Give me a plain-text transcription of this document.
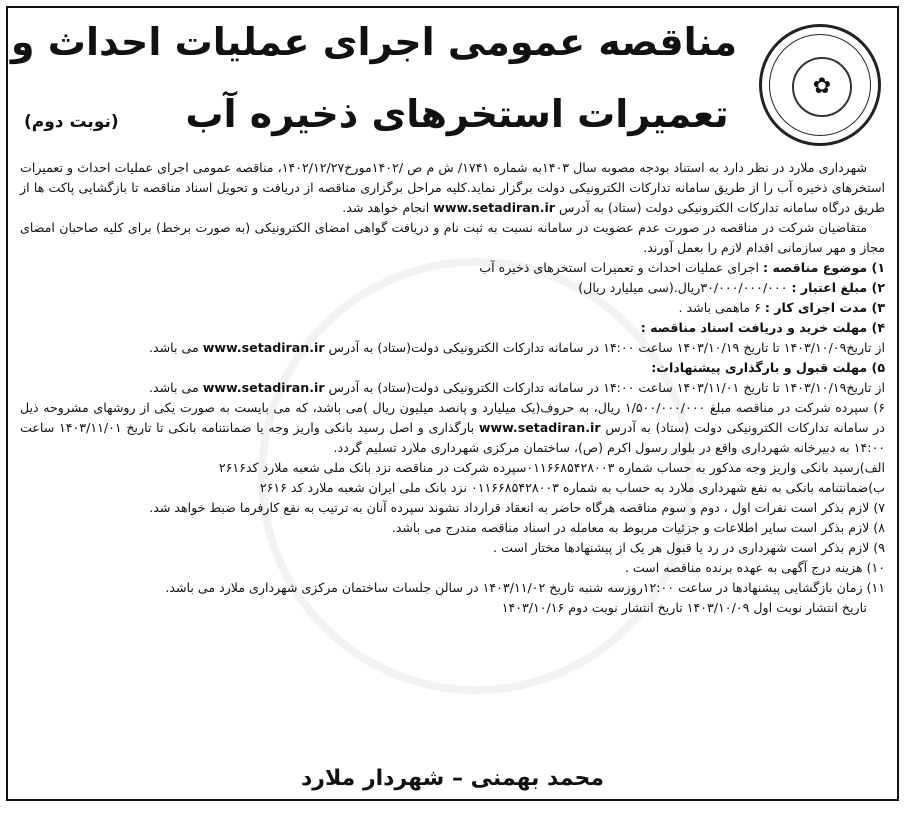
✿
مناقصه عمومی اجرای عملیات احداث و
تعمیرات استخرهای ذخیره آب
(نوبت دوم)

شهرداری ملارد در نظر دارد به استناد بودجه مصوبه سال ۱۴۰۳به شماره ۱۷۴۱/ ش م ص /۱۴۰۲مورخ۱۴۰۲/۱۲/۲۷، مناقصه عمومی اجرای عملیات احداث و تعمیرات استخرهای ذخیره آب را از طریق سامانه تدارکات الکترونیکی دولت برگزار نماید.کلیه مراحل برگزاری مناقصه از دریافت و تحویل اسناد مناقصه تا بازگشایی پاکت ها از طریق درگاه سامانه تدارکات الکترونیکی دولت (ستاد) به آدرس www.setadiran.ir انجام خواهد شد.

متقاضیان شرکت در مناقصه در صورت عدم عضویت در سامانه نسبت به ثبت نام و دریافت گواهی امضای الکترونیکی (به صورت برخط) برای کلیه صاحبان امضای مجاز و مهر سازمانی اقدام لازم را بعمل آورند.

۱) موضوع مناقصه : اجرای عملیات احداث و تعمیرات استخرهای ذخیره آب

۲) مبلغ اعتبار : ۳۰/۰۰۰/۰۰۰/۰۰۰ریال.(سی میلیارد ریال)

۳) مدت اجرای کار : ۶ ماهمی باشد .

۴) مهلت خرید و دریافت اسناد مناقصه :

از تاریخ۱۴۰۳/۱۰/۰۹ تا تاریخ ۱۴۰۳/۱۰/۱۹ ساعت ۱۴:۰۰ در سامانه تدارکات الکترونیکی دولت(ستاد) به آدرس www.setadiran.ir می باشد.

۵) مهلت قبول و بارگذاری پیشنهادات:

از تاریخ۱۴۰۳/۱۰/۱۹ تا تاریخ ۱۴۰۳/۱۱/۰۱ ساعت ۱۴:۰۰ در سامانه تدارکات الکترونیکی دولت(ستاد) به آدرس www.setadiran.ir می باشد.

۶) سپرده شرکت در مناقصه مبلغ ۱/۵۰۰/۰۰۰/۰۰۰ ریال، به حروف(یک میلیارد و پانصد میلیون ریال )می باشد، که می بایست به صورت یکی از روشهای مشروحه ذیل در سامانه تدارکات الکترونیکی دولت (ستاد) به آدرس www.setadiran.ir بارگذاری و اصل رسید بانکی واریز وجه یا ضمانتنامه بانکی تا تاریخ ۱۴۰۳/۱۱/۰۱ ساعت ۱۴:۰۰ به دبیرخانه شهرداری واقع در بلوار رسول اکرم (ص)، ساختمان مرکزی شهرداری ملارد تسلیم گردد.

الف)رسید بانکی واریز وجه مذکور به حساب شماره ۰۱۱۶۶۸۵۴۲۸۰۰۳سپرده شرکت در مناقصه نزد بانک ملی شعبه ملارد کد۲۶۱۶

ب)ضمانتنامه بانکی به نفع شهرداری ملارد به حساب به شماره ۰۱۱۶۶۸۵۴۲۸۰۰۳ نزد بانک ملی ایران شعبه ملارد کد ۲۶۱۶

۷) لازم بذکر است نفرات اول ، دوم و سوم مناقصه هرگاه حاضر به انعقاد قرارداد نشوند سپرده آنان به ترتیب به نفع کارفرما ضبط خواهد شد.

۸) لازم بذکر است سایر اطلاعات و جزئیات مربوط به معامله در اسناد مناقصه مندرج می باشد.

۹) لازم بذکر است شهرداری در رد یا قبول هر یک از پیشنهادها مختار است .

۱۰) هزینه درج آگهی به عهده برنده مناقصه است .

۱۱) زمان بازگشایی پیشنهادها در ساعت ۱۲:۰۰روزسه شنبه تاریخ ۱۴۰۳/۱۱/۰۲ در سالن جلسات ساختمان مرکزی شهرداری ملارد می باشد.

تاریخ انتشار نوبت اول ۱۴۰۳/۱۰/۰۹ تاریخ انتشار نوبت دوم ۱۴۰۳/۱۰/۱۶

محمد بهمنی – شهردار ملارد
